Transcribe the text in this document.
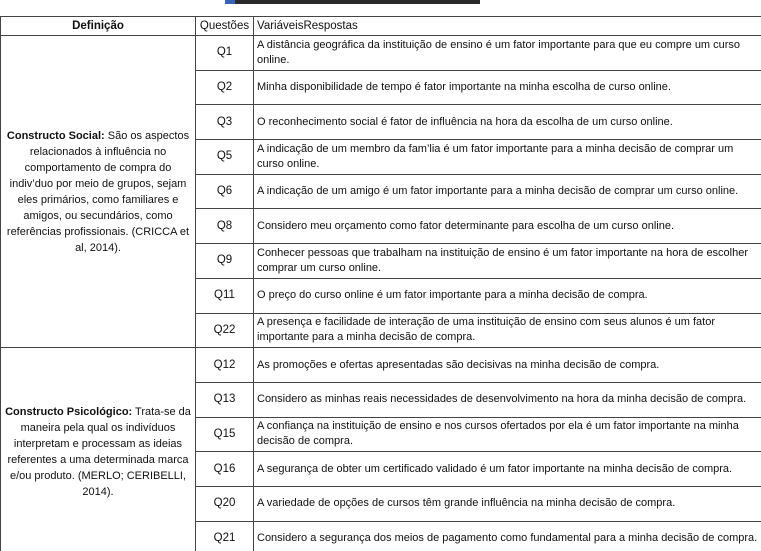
Definição	Questões	VariáveisRespostas
Constructo Social: São os aspectos relacionados à influência no comportamento de compra do indiv’duo por meio de grupos, sejam eles primários, como familiares e amigos, ou secundários, como referências profissionais. (CRICCA et al, 2014).	Q1	A distância geográfica da instituição de ensino é um fator importante para que eu compre um curso online.
	Q2	Minha disponibilidade de tempo é fator importante na minha escolha de curso online.
	Q3	O reconhecimento social é fator de influência na hora da escolha de um curso online.
	Q5	A indicação de um membro da fam’lia é um fator importante para a minha decisão de comprar um curso online.
	Q6	A indicação de um amigo é um fator importante para a minha decisão de comprar um curso online.
	Q8	Considero meu orçamento como fator determinante para escolha de um curso online.
	Q9	Conhecer pessoas que trabalham na instituição de ensino é um fator importante na hora de escolher comprar um curso online.
	Q11	O preço do curso online é um fator importante para a minha decisão de compra.
	Q22	A presença e facilidade de interação de uma instituição de ensino com seus alunos é um fator importante para a minha decisão de compra.
Constructo Psicológico: Trata-se da maneira pela qual os indivíduos interpretam e processam as ideias referentes a uma determinada marca e/ou produto. (MERLO; CERIBELLI, 2014).	Q12	As promoções e ofertas apresentadas são decisivas na minha decisão de compra.
	Q13	Considero as minhas reais necessidades de desenvolvimento na hora da minha decisão de compra.
	Q15	A confiança na instituição de ensino e nos cursos ofertados por ela é um fator importante na minha decisão de compra.
	Q16	A segurança de obter um certificado validado é um fator importante na minha decisão de compra.
	Q20	A variedade de opções de cursos têm grande influência na minha decisão de compra.
	Q21	Considero a segurança dos meios de pagamento como fundamental para a minha decisão de compra.
